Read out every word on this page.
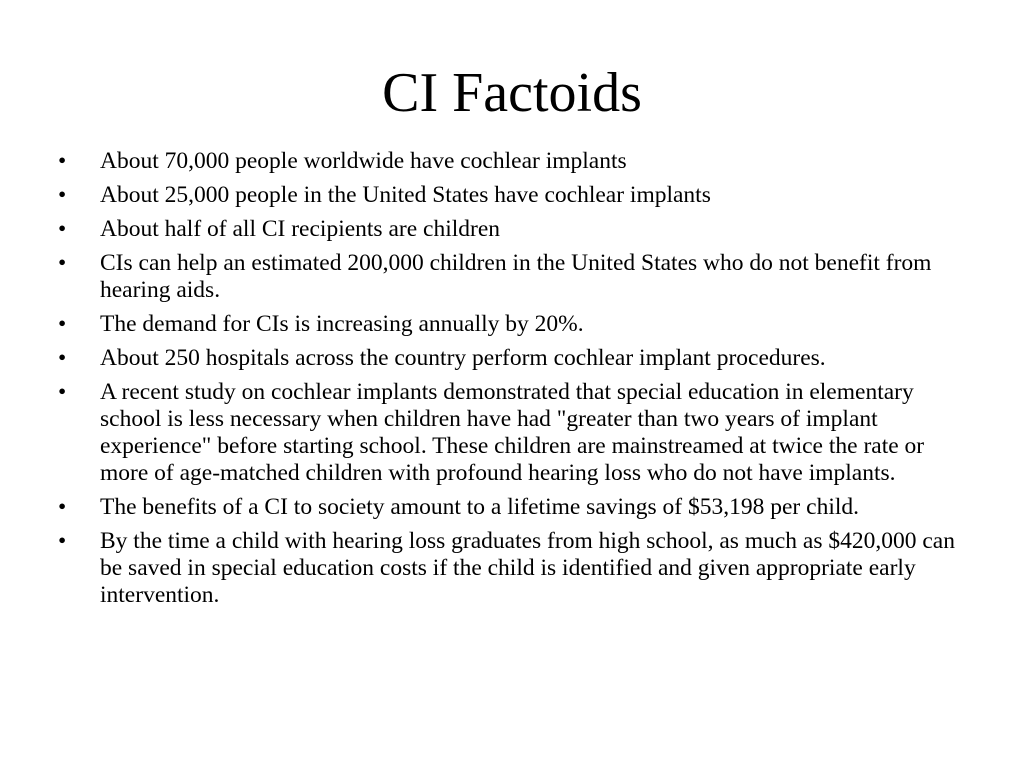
CI Factoids
•	About 70,000 people worldwide have cochlear implants
•	About 25,000 people in the United States have cochlear implants
•	About half of all CI recipients are children
•	CIs can help an estimated 200,000 children in the United States who do not benefit from hearing aids.
•	The demand for CIs is increasing annually by 20%.
•	About 250 hospitals across the country perform cochlear implant procedures.
•	A recent study on cochlear implants demonstrated that special education in elementary school is less necessary when children have had "greater than two years of implant experience" before starting school. These children are mainstreamed at twice the rate or more of age-matched children with profound hearing loss who do not have implants.
•	The benefits of a CI to society amount to a lifetime savings of $53,198 per child.
•	By the time a child with hearing loss graduates from high school, as much as $420,000 can be saved in special education costs if the child is identified and given appropriate early intervention.
